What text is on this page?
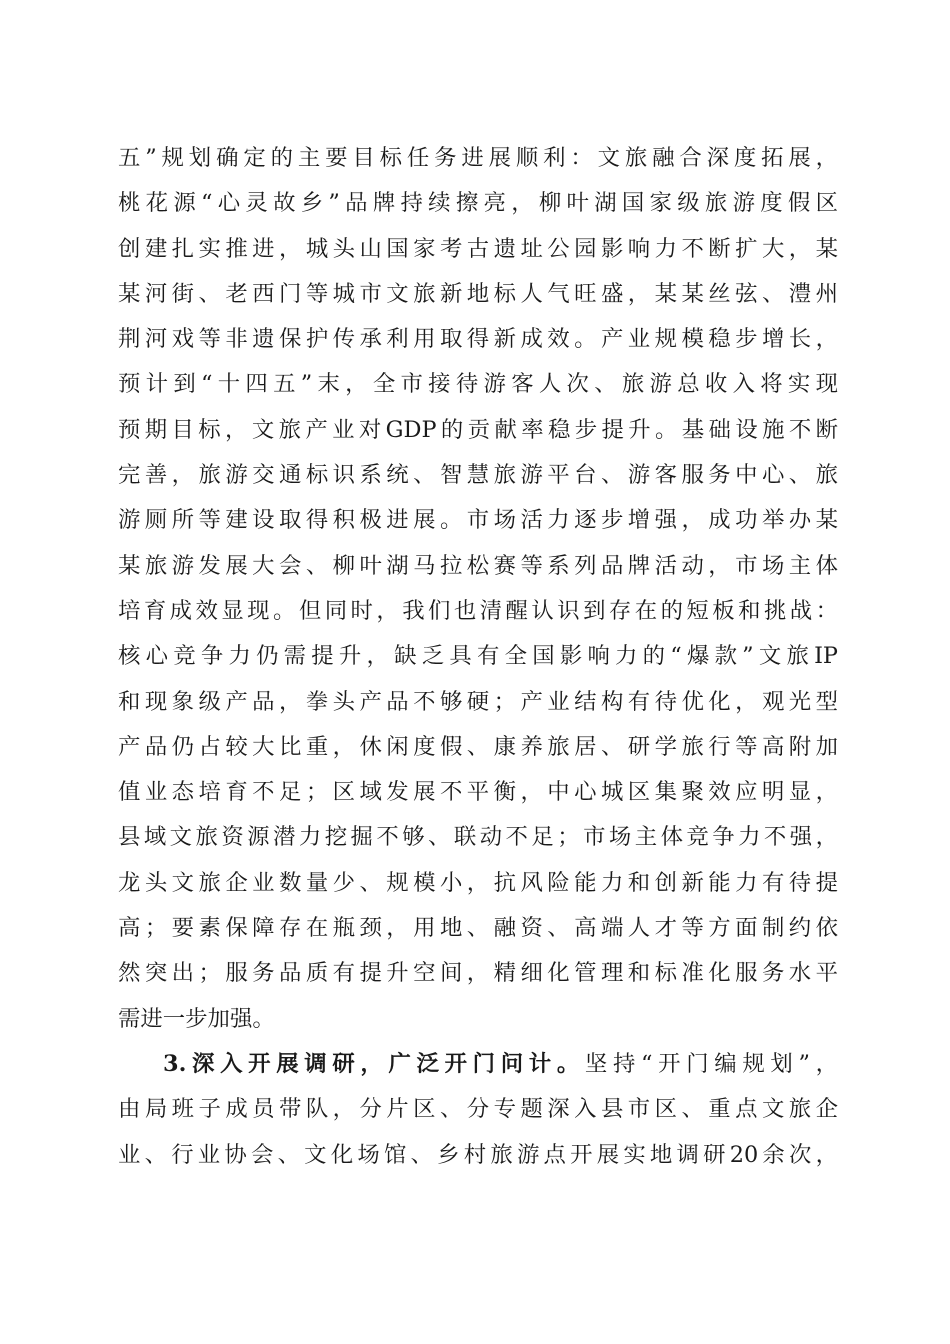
五”规划确定的主要目标任务进展顺利：文旅融合深度拓展，
桃花源“心灵故乡”品牌持续擦亮，柳叶湖国家级旅游度假区
创建扎实推进，城头山国家考古遗址公园影响力不断扩大，某
某河街、老西门等城市文旅新地标人气旺盛，某某丝弦、澧州
荆河戏等非遗保护传承利用取得新成效。产业规模稳步增长，
预计到“十四五”末，全市接待游客人次、旅游总收入将实现
预期目标，文旅产业对GDP的贡献率稳步提升。基础设施不断
完善，旅游交通标识系统、智慧旅游平台、游客服务中心、旅
游厕所等建设取得积极进展。市场活力逐步增强，成功举办某
某旅游发展大会、柳叶湖马拉松赛等系列品牌活动，市场主体
培育成效显现。但同时，我们也清醒认识到存在的短板和挑战：
核心竞争力仍需提升，缺乏具有全国影响力的“爆款”文旅IP
和现象级产品，拳头产品不够硬；产业结构有待优化，观光型
产品仍占较大比重，休闲度假、康养旅居、研学旅行等高附加
值业态培育不足；区域发展不平衡，中心城区集聚效应明显，
县域文旅资源潜力挖掘不够、联动不足；市场主体竞争力不强，
龙头文旅企业数量少、规模小，抗风险能力和创新能力有待提
高；要素保障存在瓶颈，用地、融资、高端人才等方面制约依
然突出；服务品质有提升空间，精细化管理和标准化服务水平
需进一步加强。
3.深入开展调研，广泛开门问计。坚持“开门编规划”，
由局班子成员带队，分片区、分专题深入县市区、重点文旅企
业、行业协会、文化场馆、乡村旅游点开展实地调研20余次，
